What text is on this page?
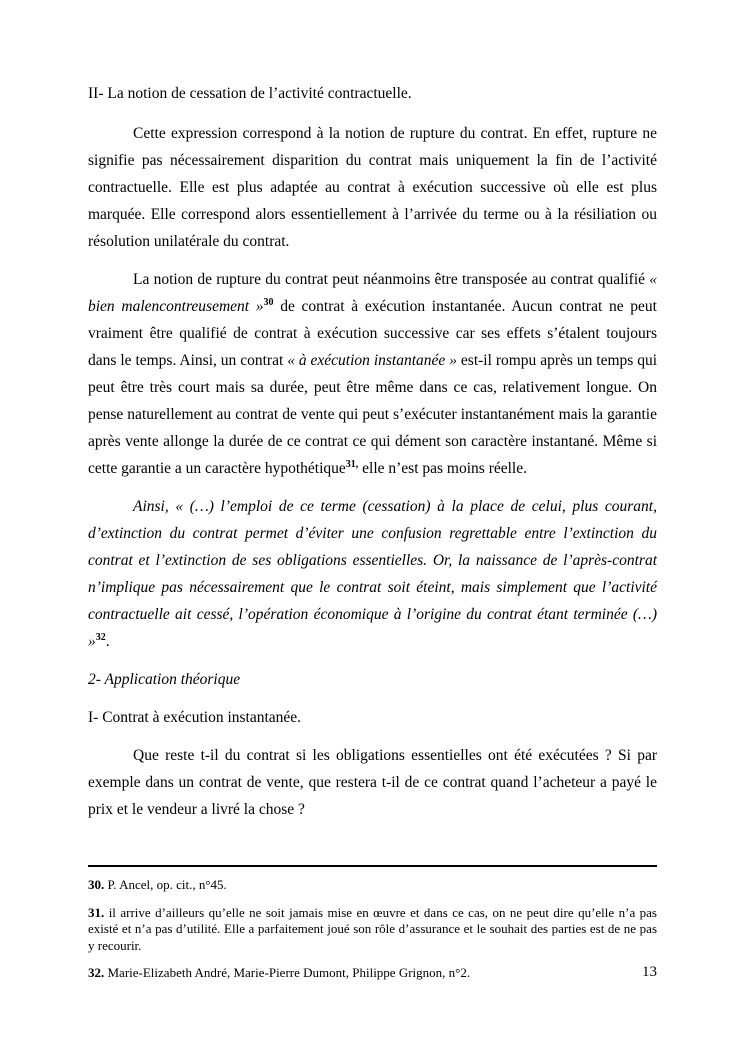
II- La notion de cessation de l’activité contractuelle.

Cette expression correspond à la notion de rupture du contrat. En effet, rupture ne signifie pas nécessairement disparition du contrat mais uniquement la fin de l’activité contractuelle. Elle est plus adaptée au contrat à exécution successive où elle est plus marquée. Elle correspond alors essentiellement à l’arrivée du terme ou à la résiliation ou résolution unilatérale du contrat.

La notion de rupture du contrat peut néanmoins être transposée au contrat qualifié « bien malencontreusement »$^{30}$ de contrat à exécution instantanée. Aucun contrat ne peut vraiment être qualifié de contrat à exécution successive car ses effets s’étalent toujours dans le temps. Ainsi, un contrat « à exécution instantanée » est-il rompu après un temps qui peut être très court mais sa durée, peut être même dans ce cas, relativement longue. On pense naturellement au contrat de vente qui peut s’exécuter instantanément mais la garantie après vente allonge la durée de ce contrat ce qui dément son caractère instantané. Même si cette garantie a un caractère hypothétique$^{31,}$ elle n’est pas moins réelle.

Ainsi, « (…) l’emploi de ce terme (cessation) à la place de celui, plus courant, d’extinction du contrat permet d’éviter une confusion regrettable entre l’extinction du contrat et l’extinction de ses obligations essentielles. Or, la naissance de l’après-contrat n’implique pas nécessairement que le contrat soit éteint, mais simplement que l’activité contractuelle ait cessé, l’opération économique à l’origine du contrat étant terminée (…) »$^{32}$.

2- Application théorique
I- Contrat à exécution instantanée.

Que reste t-il du contrat si les obligations essentielles ont été exécutées ? Si par exemple dans un contrat de vente, que restera t-il de ce contrat quand l’acheteur a payé le prix et le vendeur a livré la chose ?

30. P. Ancel, op. cit., n°45.
31. il arrive d’ailleurs qu’elle ne soit jamais mise en œuvre et dans ce cas, on ne peut dire qu’elle n’a pas existé et n’a pas d’utilité. Elle a parfaitement joué son rôle d’assurance et le souhait des parties est de ne pas y recourir.
32. Marie-Elizabeth André, Marie-Pierre Dumont, Philippe Grignon, n°2.	13
